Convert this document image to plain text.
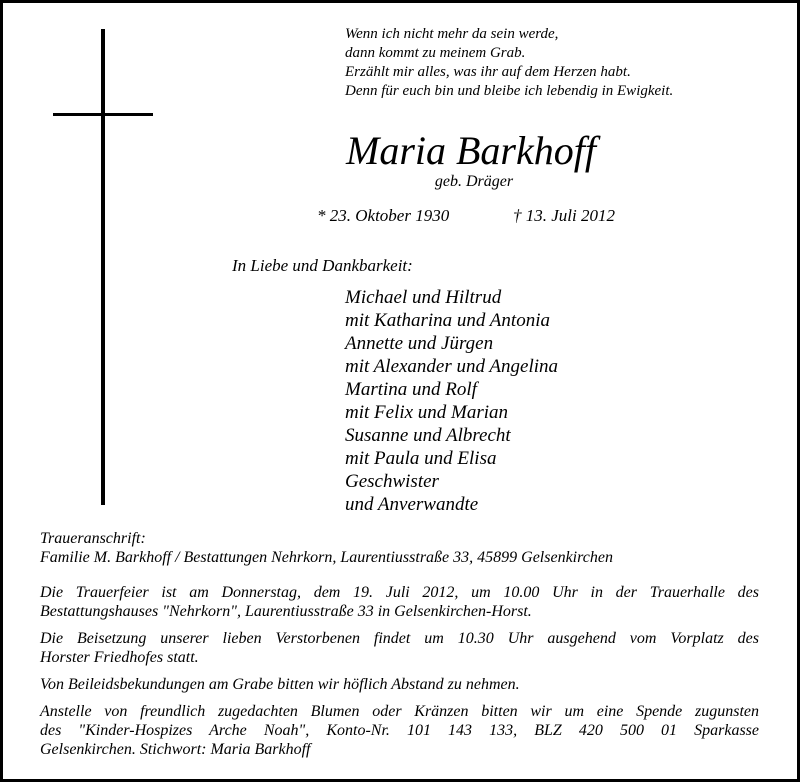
Wenn ich nicht mehr da sein werde,
dann kommt zu meinem Grab.
Erzählt mir alles, was ihr auf dem Herzen habt.
Denn für euch bin und bleibe ich lebendig in Ewigkeit.
Maria Barkhoff
geb. Dräger
* 23. Oktober 1930	† 13. Juli 2012
In Liebe und Dankbarkeit:
Michael und Hiltrud
mit Katharina und Antonia
Annette und Jürgen
mit Alexander und Angelina
Martina und Rolf
mit Felix und Marian
Susanne und Albrecht
mit Paula und Elisa
Geschwister
und Anverwandte
Traueranschrift:
Familie M. Barkhoff / Bestattungen Nehrkorn, Laurentiusstraße 33, 45899 Gelsenkirchen
Die Trauerfeier ist am Donnerstag, dem 19. Juli 2012, um 10.00 Uhr in der Trauerhalle des
Bestattungshauses "Nehrkorn", Laurentiusstraße 33 in Gelsenkirchen-Horst.
Die Beisetzung unserer lieben Verstorbenen findet um 10.30 Uhr ausgehend vom Vorplatz des
Horster Friedhofes statt.
Von Beileidsbekundungen am Grabe bitten wir höflich Abstand zu nehmen.
Anstelle von freundlich zugedachten Blumen oder Kränzen bitten wir um eine Spende zugunsten
des "Kinder-Hospizes Arche Noah", Konto-Nr. 101 143 133, BLZ 420 500 01 Sparkasse
Gelsenkirchen. Stichwort: Maria Barkhoff
